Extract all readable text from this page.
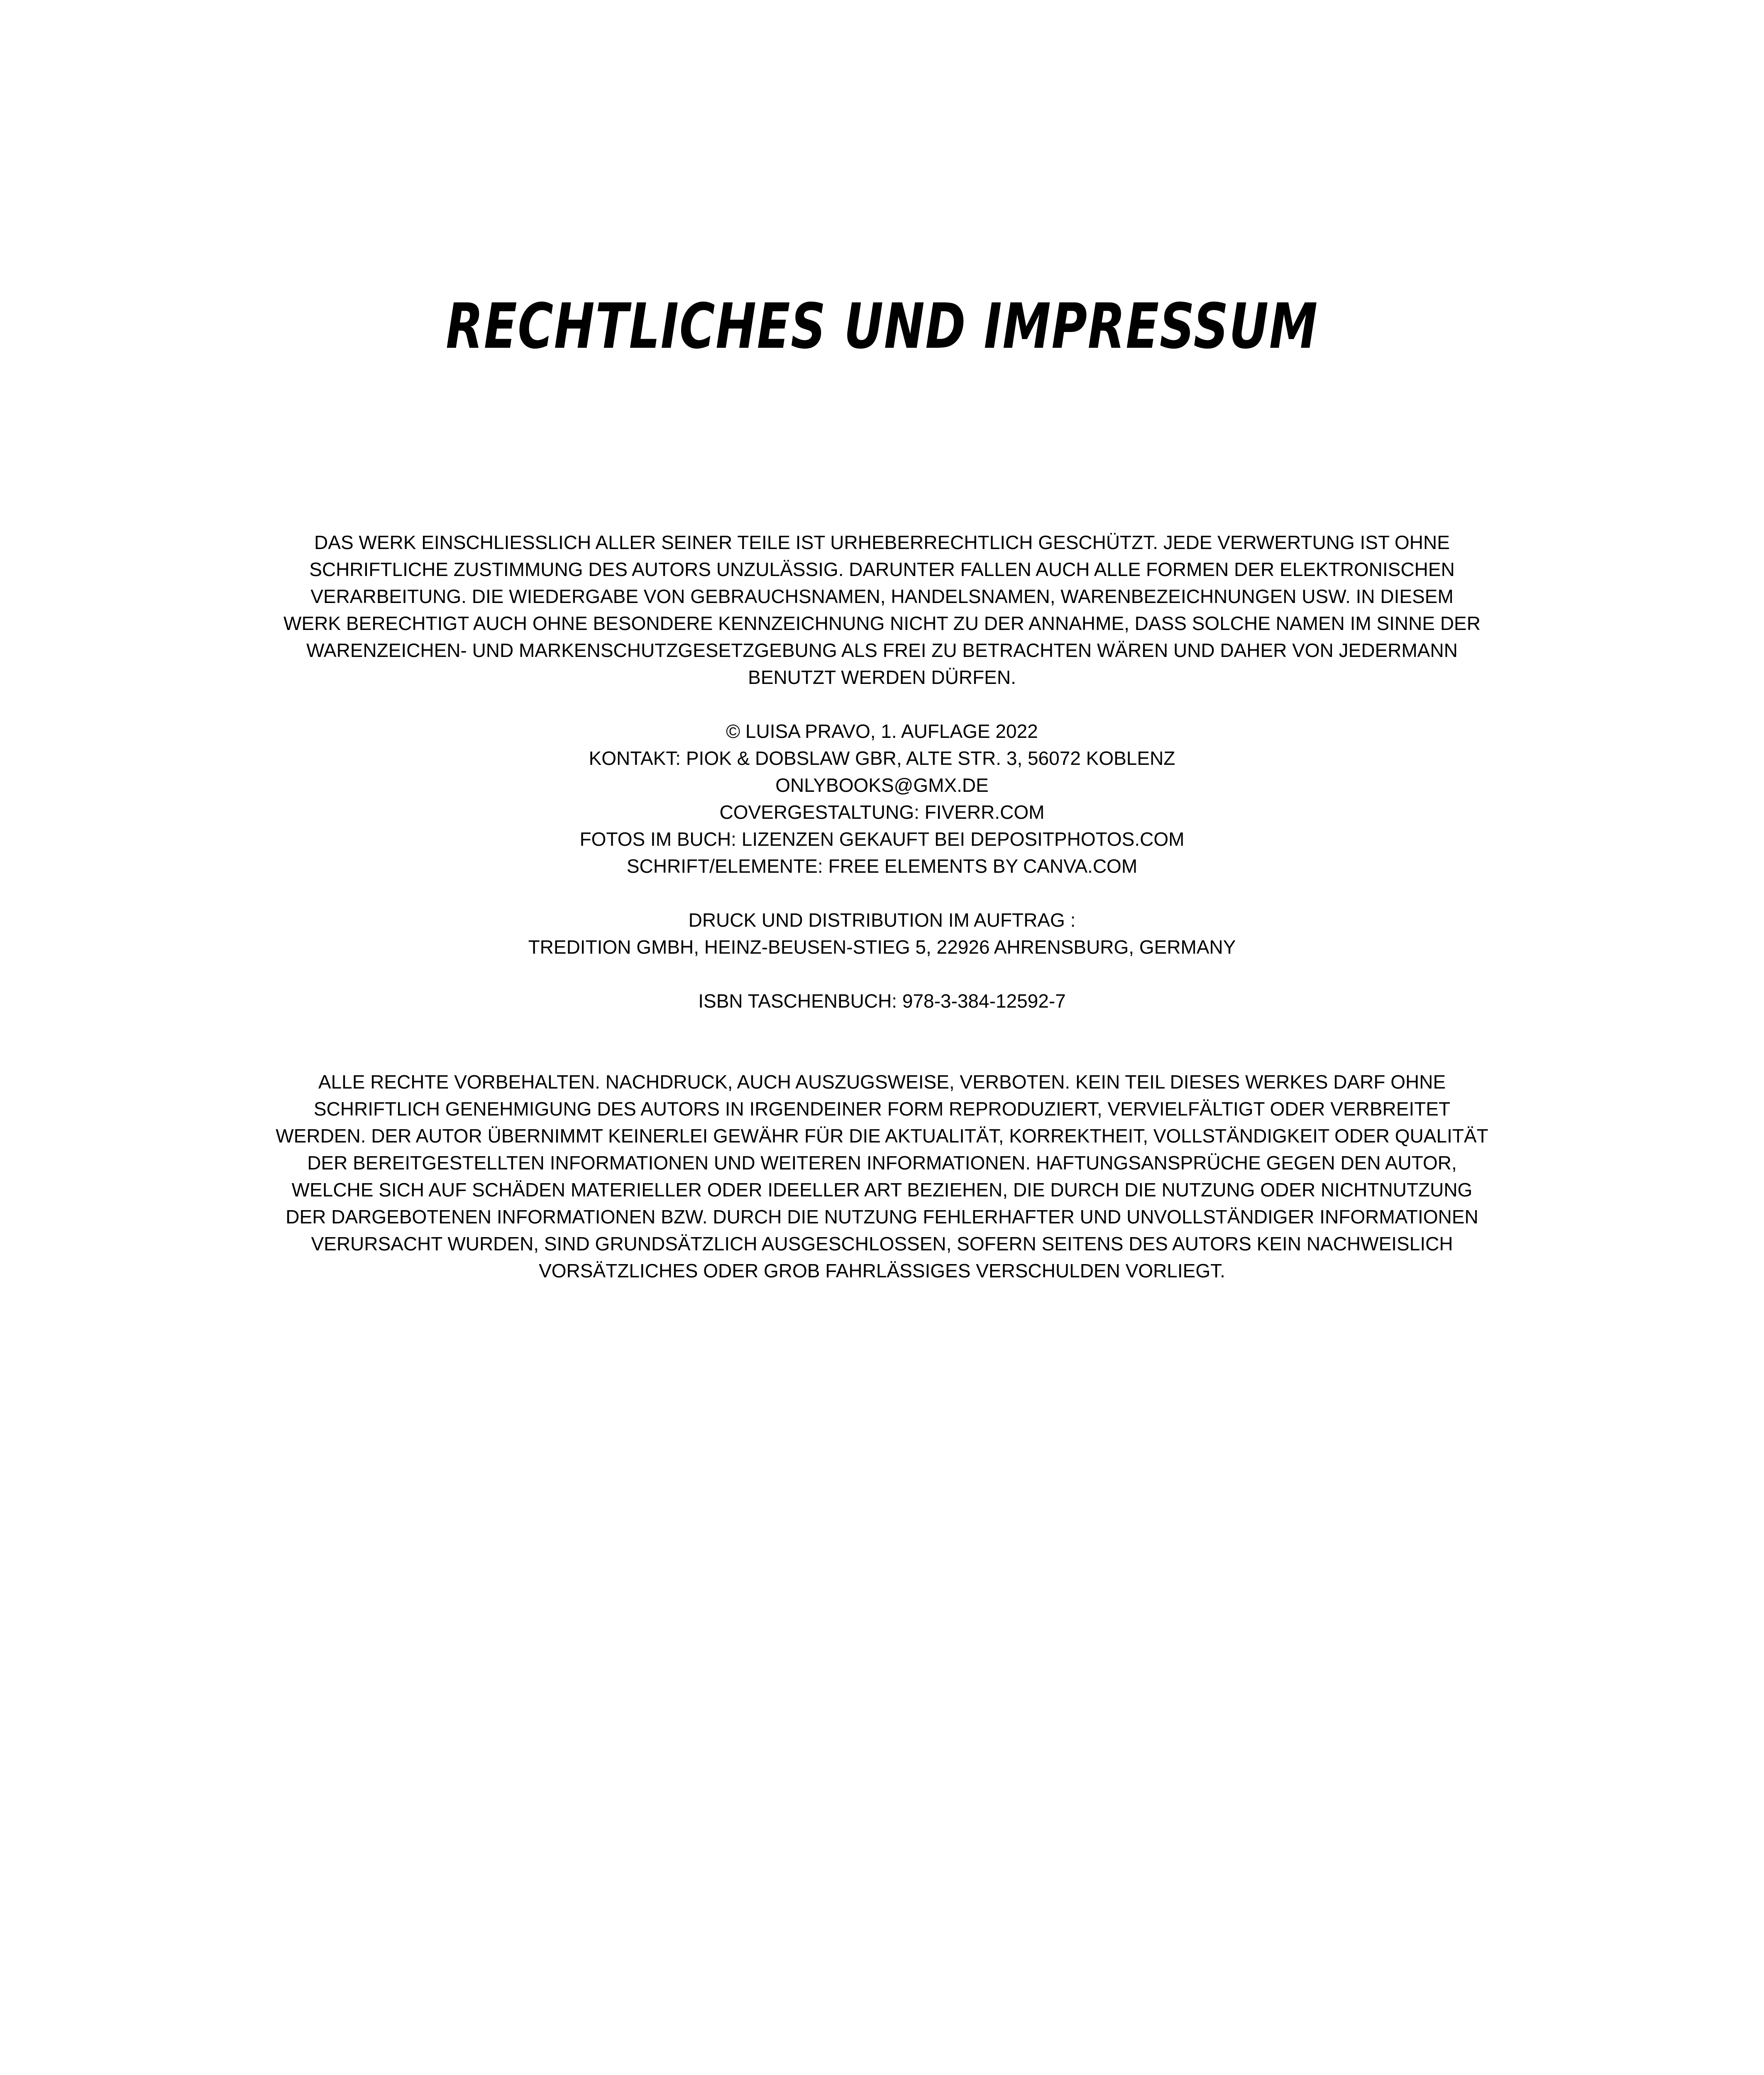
RECHTLICHES UND IMPRESSUM

DAS WERK EINSCHLIESSLICH ALLER SEINER TEILE IST URHEBERRECHTLICH GESCHÜTZT. JEDE VERWERTUNG IST OHNE SCHRIFTLICHE ZUSTIMMUNG DES AUTORS UNZULÄSSIG. DARUNTER FALLEN AUCH ALLE FORMEN DER ELEKTRONISCHEN VERARBEITUNG. DIE WIEDERGABE VON GEBRAUCHSNAMEN, HANDELSNAMEN, WARENBEZEICHNUNGEN USW. IN DIESEM WERK BERECHTIGT AUCH OHNE BESONDERE KENNZEICHNUNG NICHT ZU DER ANNAHME, DASS SOLCHE NAMEN IM SINNE DER WARENZEICHEN- UND MARKENSCHUTZGESETZGEBUNG ALS FREI ZU BETRACHTEN WÄREN UND DAHER VON JEDERMANN BENUTZT WERDEN DÜRFEN.

© LUISA PRAVO, 1. AUFLAGE 2022

KONTAKT: PIOK & DOBSLAW GBR, ALTE STR. 3, 56072 KOBLENZ

ONLYBOOKS@GMX.DE

COVERGESTALTUNG: FIVERR.COM

FOTOS IM BUCH: LIZENZEN GEKAUFT BEI DEPOSITPHOTOS.COM

SCHRIFT/ELEMENTE: FREE ELEMENTS BY CANVA.COM

DRUCK UND DISTRIBUTION IM AUFTRAG :

TREDITION GMBH, HEINZ-BEUSEN-STIEG 5, 22926 AHRENSBURG, GERMANY

ISBN TASCHENBUCH: 978-3-384-12592-7

ALLE RECHTE VORBEHALTEN. NACHDRUCK, AUCH AUSZUGSWEISE, VERBOTEN. KEIN TEIL DIESES WERKES DARF OHNE SCHRIFTLICH GENEHMIGUNG DES AUTORS IN IRGENDEINER FORM REPRODUZIERT, VERVIELFÄLTIGT ODER VERBREITET WERDEN. DER AUTOR ÜBERNIMMT KEINERLEI GEWÄHR FÜR DIE AKTUALITÄT, KORREKTHEIT, VOLLSTÄNDIGKEIT ODER QUALITÄT DER BEREITGESTELLTEN INFORMATIONEN UND WEITEREN INFORMATIONEN. HAFTUNGSANSPRÜCHE GEGEN DEN AUTOR, WELCHE SICH AUF SCHÄDEN MATERIELLER ODER IDEELLER ART BEZIEHEN, DIE DURCH DIE NUTZUNG ODER NICHTNUTZUNG DER DARGEBOTENEN INFORMATIONEN BZW. DURCH DIE NUTZUNG FEHLERHAFTER UND UNVOLLSTÄNDIGER INFORMATIONEN VERURSACHT WURDEN, SIND GRUNDSÄTZLICH AUSGESCHLOSSEN, SOFERN SEITENS DES AUTORS KEIN NACHWEISLICH VORSÄTZLICHES ODER GROB FAHRLÄSSIGES VERSCHULDEN VORLIEGT.
